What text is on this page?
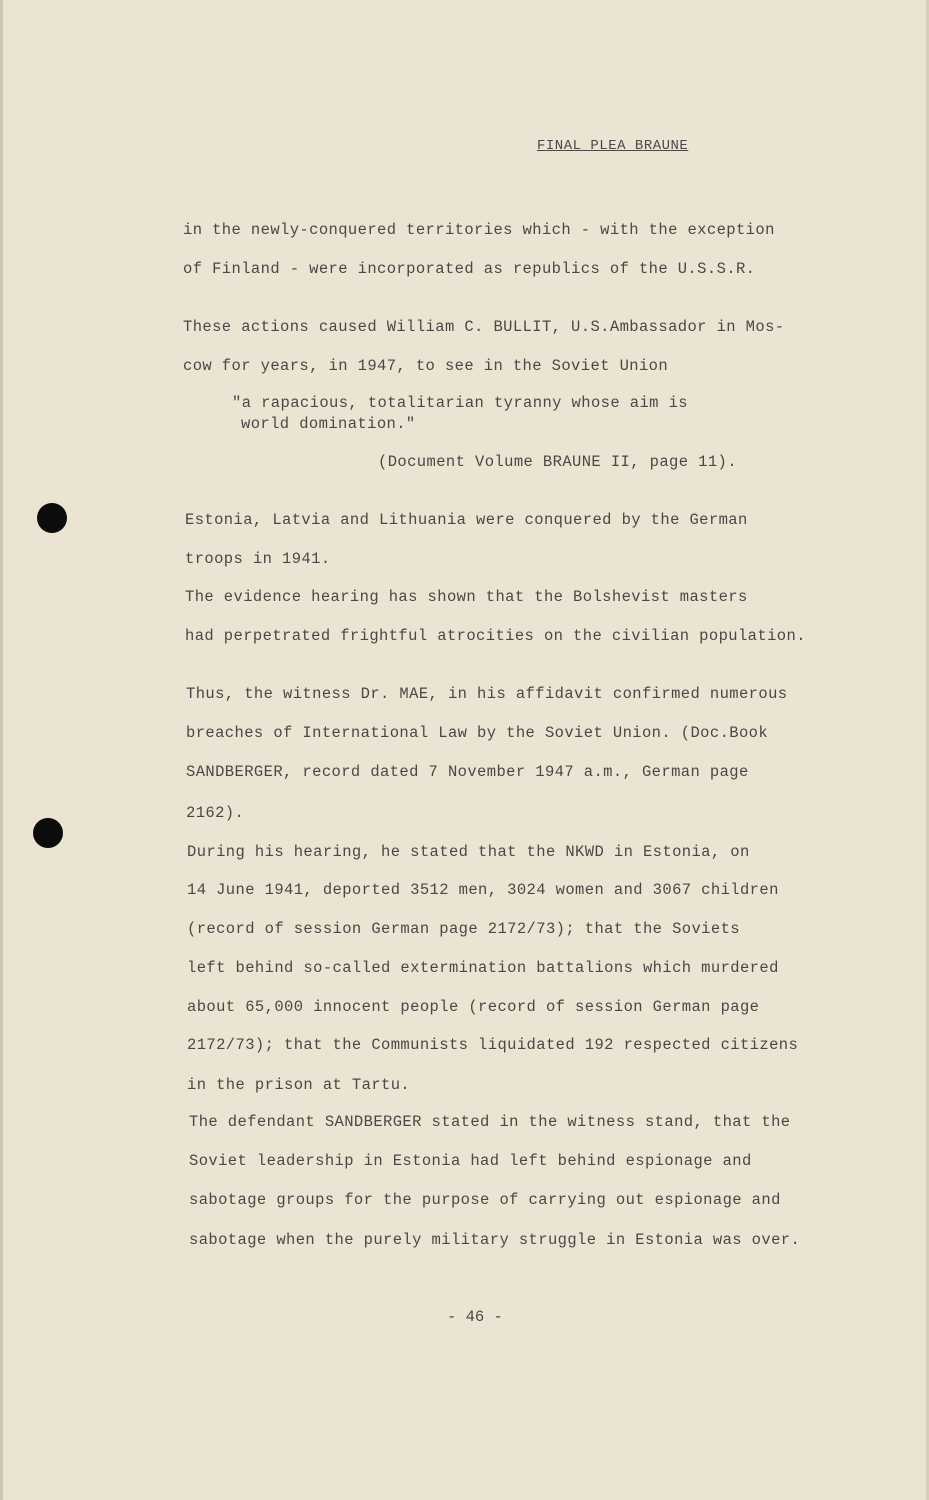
FINAL PLEA BRAUNE
in the newly-conquered territories which - with the exception
of Finland - were incorporated as republics of the U.S.S.R.
These actions caused William C. BULLIT, U.S.Ambassador in Mos-
cow for years, in 1947, to see in the Soviet Union
"a rapacious, totalitarian tyranny whose aim is
world domination."
(Document Volume BRAUNE II, page 11).
Estonia, Latvia and Lithuania were conquered by the German
troops in 1941.
The evidence hearing has shown that the Bolshevist masters
had perpetrated frightful atrocities on the civilian population.
Thus, the witness Dr. MAE, in his affidavit confirmed numerous
breaches of International Law by the Soviet Union. (Doc.Book
SANDBERGER, record dated 7 November 1947 a.m., German page
2162).
During his hearing, he stated that the NKWD in Estonia, on
14 June 1941, deported 3512 men, 3024 women and 3067 children
(record of session German page 2172/73); that the Soviets
left behind so-called extermination battalions which murdered
about 65,000 innocent people (record of session German page
2172/73); that the Communists liquidated 192 respected citizens
in the prison at Tartu.
The defendant SANDBERGER stated in the witness stand, that the
Soviet leadership in Estonia had left behind espionage and
sabotage groups for the purpose of carrying out espionage and
sabotage when the purely military struggle in Estonia was over.
- 46 -
